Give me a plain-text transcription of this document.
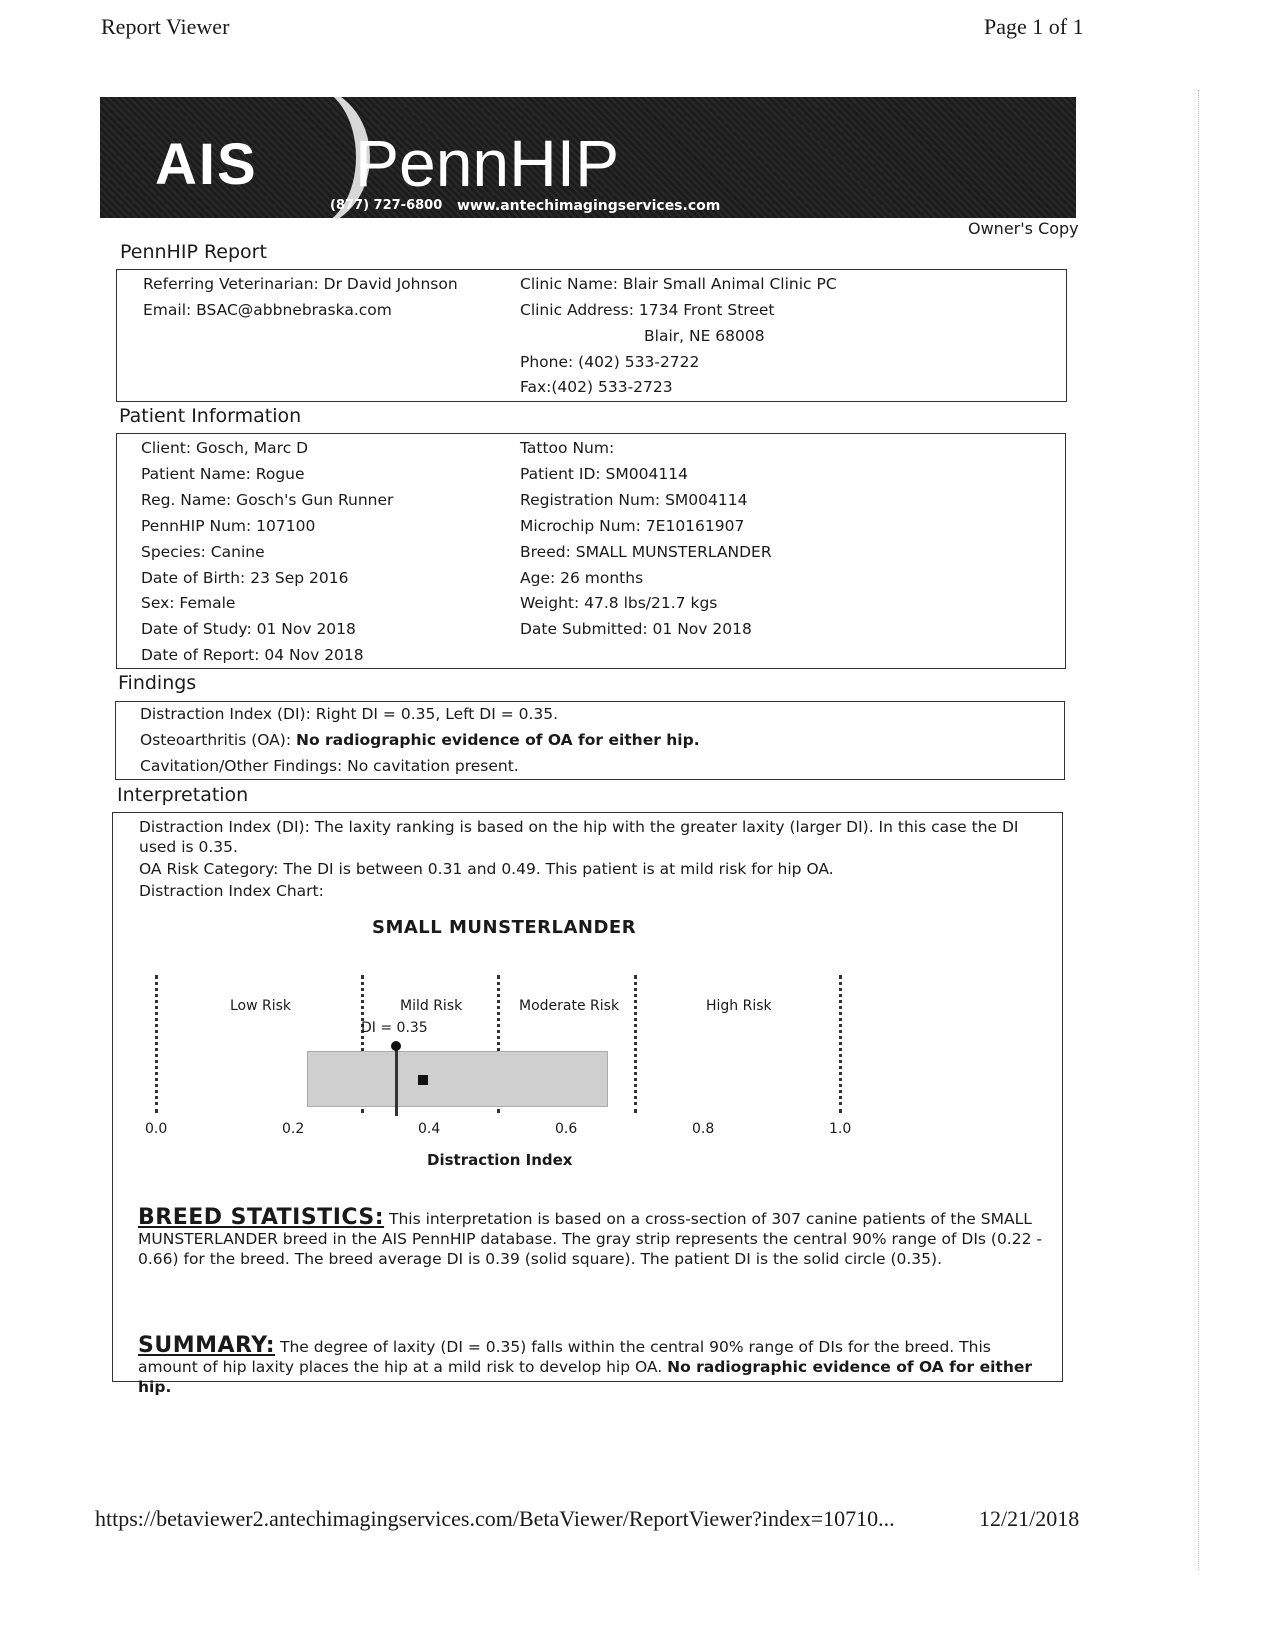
Report Viewer	Page 1 of 1
AIS PennHIP
(877) 727-6800 www.antechimagingservices.com
Owner's Copy
PennHIP Report
Referring Veterinarian: Dr David Johnson
Email: BSAC@abbnebraska.com
Clinic Name: Blair Small Animal Clinic PC
Clinic Address: 1734 Front Street
Blair, NE 68008
Phone: (402) 533-2722
Fax:(402) 533-2723
Patient Information
Client: Gosch, Marc D
Patient Name: Rogue
Reg. Name: Gosch's Gun Runner
PennHIP Num: 107100
Species: Canine
Date of Birth: 23 Sep 2016
Sex: Female
Date of Study: 01 Nov 2018
Date of Report: 04 Nov 2018
Tattoo Num:
Patient ID: SM004114
Registration Num: SM004114
Microchip Num: 7E10161907
Breed: SMALL MUNSTERLANDER
Age: 26 months
Weight: 47.8 lbs/21.7 kgs
Date Submitted: 01 Nov 2018
Findings
Distraction Index (DI): Right DI = 0.35, Left DI = 0.35.
Osteoarthritis (OA): No radiographic evidence of OA for either hip.
Cavitation/Other Findings: No cavitation present.
Interpretation
Distraction Index (DI): The laxity ranking is based on the hip with the greater laxity (larger DI). In this case the DI used is 0.35.
OA Risk Category: The DI is between 0.31 and 0.49. This patient is at mild risk for hip OA.
Distraction Index Chart:
SMALL MUNSTERLANDER
Low Risk	Mild Risk	Moderate Risk	High Risk
DI = 0.35
0.0	0.2	0.4	0.6	0.8	1.0
Distraction Index
BREED STATISTICS: This interpretation is based on a cross-section of 307 canine patients of the SMALL MUNSTERLANDER breed in the AIS PennHIP database. The gray strip represents the central 90% range of DIs (0.22 - 0.66) for the breed. The breed average DI is 0.39 (solid square). The patient DI is the solid circle (0.35).
SUMMARY: The degree of laxity (DI = 0.35) falls within the central 90% range of DIs for the breed. This amount of hip laxity places the hip at a mild risk to develop hip OA. No radiographic evidence of OA for either hip.
https://betaviewer2.antechimagingservices.com/BetaViewer/ReportViewer?index=10710...	12/21/2018
